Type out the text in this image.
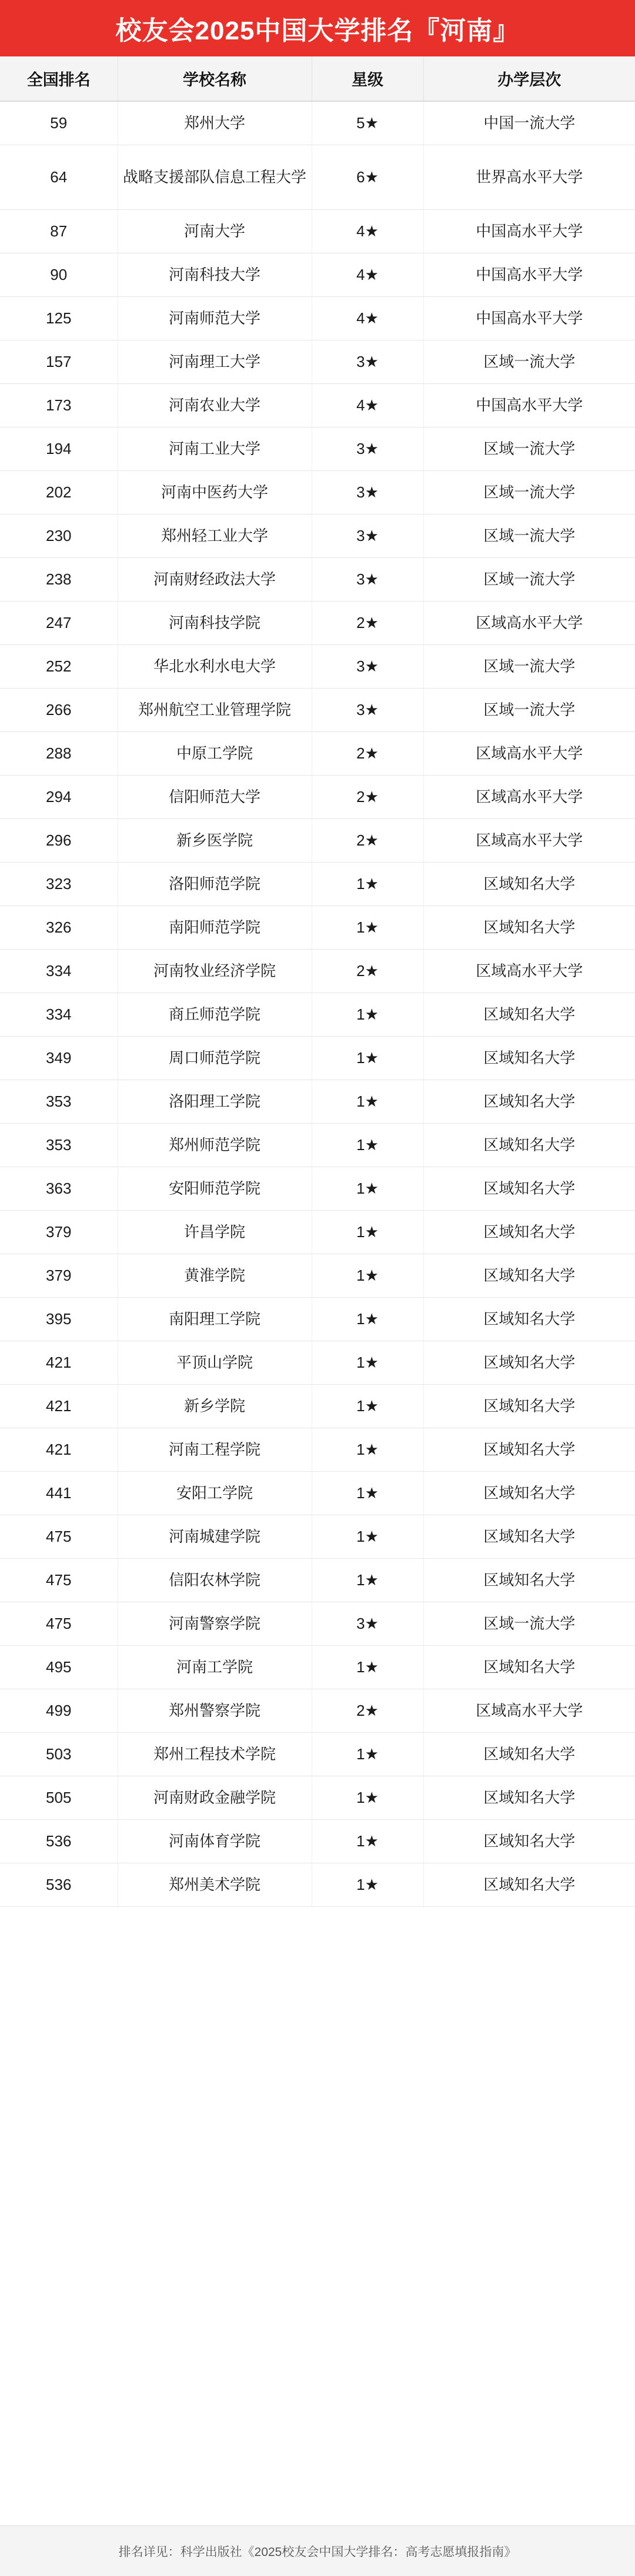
校友会2025中国大学排名『河南』
全国排名	学校名称	星级	办学层次
59	郑州大学	5★	中国一流大学
64	战略支援部队信息工程大学	6★	世界高水平大学
87	河南大学	4★	中国高水平大学
90	河南科技大学	4★	中国高水平大学
125	河南师范大学	4★	中国高水平大学
157	河南理工大学	3★	区域一流大学
173	河南农业大学	4★	中国高水平大学
194	河南工业大学	3★	区域一流大学
202	河南中医药大学	3★	区域一流大学
230	郑州轻工业大学	3★	区域一流大学
238	河南财经政法大学	3★	区域一流大学
247	河南科技学院	2★	区域高水平大学
252	华北水利水电大学	3★	区域一流大学
266	郑州航空工业管理学院	3★	区域一流大学
288	中原工学院	2★	区域高水平大学
294	信阳师范大学	2★	区域高水平大学
296	新乡医学院	2★	区域高水平大学
323	洛阳师范学院	1★	区域知名大学
326	南阳师范学院	1★	区域知名大学
334	河南牧业经济学院	2★	区域高水平大学
334	商丘师范学院	1★	区域知名大学
349	周口师范学院	1★	区域知名大学
353	洛阳理工学院	1★	区域知名大学
353	郑州师范学院	1★	区域知名大学
363	安阳师范学院	1★	区域知名大学
379	许昌学院	1★	区域知名大学
379	黄淮学院	1★	区域知名大学
395	南阳理工学院	1★	区域知名大学
421	平顶山学院	1★	区域知名大学
421	新乡学院	1★	区域知名大学
421	河南工程学院	1★	区域知名大学
441	安阳工学院	1★	区域知名大学
475	河南城建学院	1★	区域知名大学
475	信阳农林学院	1★	区域知名大学
475	河南警察学院	3★	区域一流大学
495	河南工学院	1★	区域知名大学
499	郑州警察学院	2★	区域高水平大学
503	郑州工程技术学院	1★	区域知名大学
505	河南财政金融学院	1★	区域知名大学
536	河南体育学院	1★	区域知名大学
536	郑州美术学院	1★	区域知名大学
排名详见：科学出版社《2025校友会中国大学排名：高考志愿填报指南》
